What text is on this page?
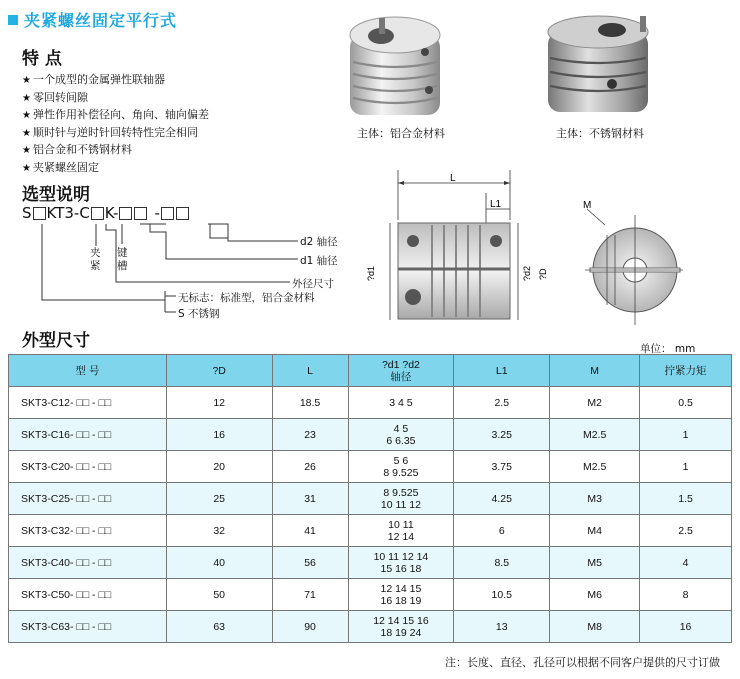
夹紧螺丝固定平行式
特 点
★ 一个成型的金属弹性联轴器
★ 零回转间隙
★ 弹性作用补偿径向、角向、轴向偏差
★ 顺时针与逆时针回转特性完全相同
★ 铝合金和不锈钢材料
★ 夹紧螺丝固定
主体：铝合金材料	主体：不锈钢材料
选型说明
S KT3-C K- -
d2 轴径
d1 轴径
外径尺寸
无标志：标准型，铝合金材料
S 不锈钢
夹紧
键槽
L
L1
?d1	?d2 ?D
M
外型尺寸	单位： mm
型 号	?D	L	?d1 ?d2
轴径	L1	M	拧紧力矩
SKT3-C12- □□ - □□	12	18.5	3 4 5	2.5	M2	0.5
SKT3-C16- □□ - □□	16	23	4 5
6 6.35	3.25	M2.5	1
SKT3-C20- □□ - □□	20	26	5 6
8 9.525	3.75	M2.5	1
SKT3-C25- □□ - □□	25	31	8 9.525
10 11 12	4.25	M3	1.5
SKT3-C32- □□ - □□	32	41	10 11
12 14	6	M4	2.5
SKT3-C40- □□ - □□	40	56	10 11 12 14
15 16 18	8.5	M5	4
SKT3-C50- □□ - □□	50	71	12 14 15
16 18 19	10.5	M6	8
SKT3-C63- □□ - □□	63	90	12 14 15 16
18 19 24	13	M8	16
注：长度、直径、孔径可以根据不同客户提供的尺寸订做
